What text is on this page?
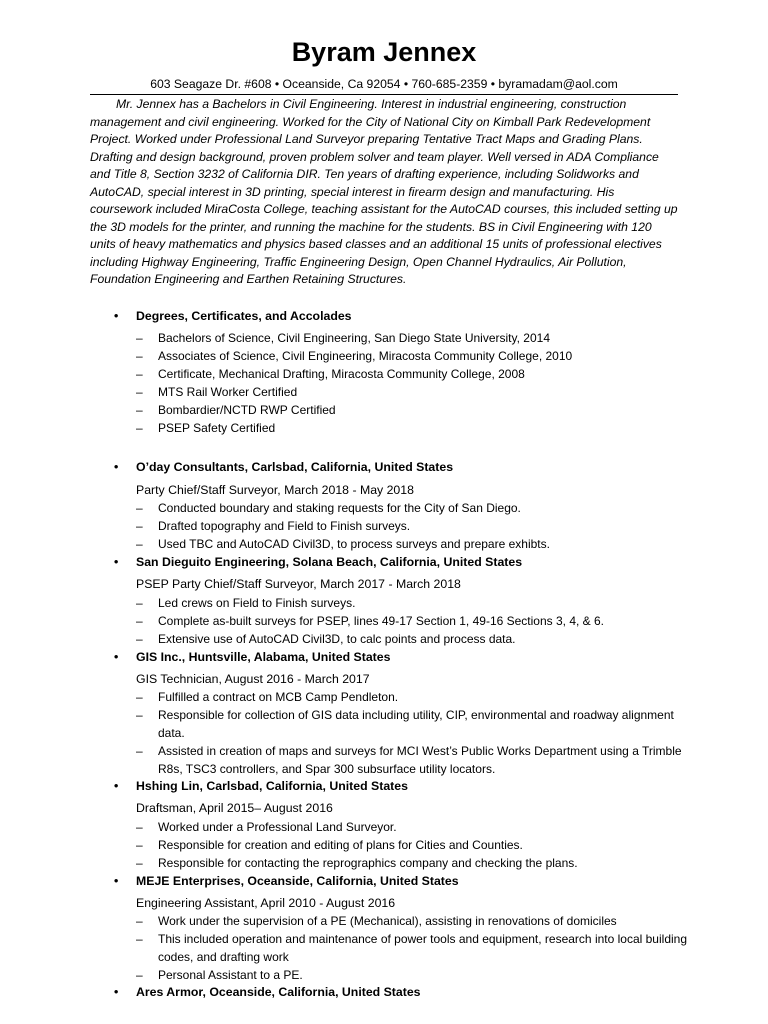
Byram Jennex
603 Seagaze Dr. #608 • Oceanside, Ca 92054 • 760-685-2359 • byramadam@aol.com

Mr. Jennex has a Bachelors in Civil Engineering. Interest in industrial engineering, construction management and civil engineering. Worked for the City of National City on Kimball Park Redevelopment Project. Worked under Professional Land Surveyor preparing Tentative Tract Maps and Grading Plans. Drafting and design background, proven problem solver and team player. Well versed in ADA Compliance and Title 8, Section 3232 of California DIR. Ten years of drafting experience, including Solidworks and AutoCAD, special interest in 3D printing, special interest in firearm design and manufacturing. His coursework included MiraCosta College, teaching assistant for the AutoCAD courses, this included setting up the 3D models for the printer, and running the machine for the students. BS in Civil Engineering with 120 units of heavy mathematics and physics based classes and an additional 15 units of professional electives including Highway Engineering, Traffic Engineering Design, Open Channel Hydraulics, Air Pollution, Foundation Engineering and Earthen Retaining Structures.

• Degrees, Certificates, and Accolades
– Bachelors of Science, Civil Engineering, San Diego State University, 2014
– Associates of Science, Civil Engineering, Miracosta Community College, 2010
– Certificate, Mechanical Drafting, Miracosta Community College, 2008
– MTS Rail Worker Certified
– Bombardier/NCTD RWP Certified
– PSEP Safety Certified
• O’day Consultants, Carlsbad, California, United States
Party Chief/Staff Surveyor, March 2018 - May 2018
– Conducted boundary and staking requests for the City of San Diego.
– Drafted topography and Field to Finish surveys.
– Used TBC and AutoCAD Civil3D, to process surveys and prepare exhibts.
• San Dieguito Engineering, Solana Beach, California, United States
PSEP Party Chief/Staff Surveyor, March 2017 - March 2018
– Led crews on Field to Finish surveys.
– Complete as-built surveys for PSEP, lines 49-17 Section 1, 49-16 Sections 3, 4, & 6.
– Extensive use of AutoCAD Civil3D, to calc points and process data.
• GIS Inc., Huntsville, Alabama, United States
GIS Technician, August 2016 - March 2017
– Fulfilled a contract on MCB Camp Pendleton.
– Responsible for collection of GIS data including utility, CIP, environmental and roadway alignment data.
– Assisted in creation of maps and surveys for MCI West’s Public Works Department using a Trimble R8s, TSC3 controllers, and Spar 300 subsurface utility locators.
• Hshing Lin, Carlsbad, California, United States
Draftsman, April 2015– August 2016
– Worked under a Professional Land Surveyor.
– Responsible for creation and editing of plans for Cities and Counties.
– Responsible for contacting the reprographics company and checking the plans.
• MEJE Enterprises, Oceanside, California, United States
Engineering Assistant, April 2010 - August 2016
– Work under the supervision of a PE (Mechanical), assisting in renovations of domiciles
– This included operation and maintenance of power tools and equipment, research into local building codes, and drafting work
– Personal Assistant to a PE.
• Ares Armor, Oceanside, California, United States
